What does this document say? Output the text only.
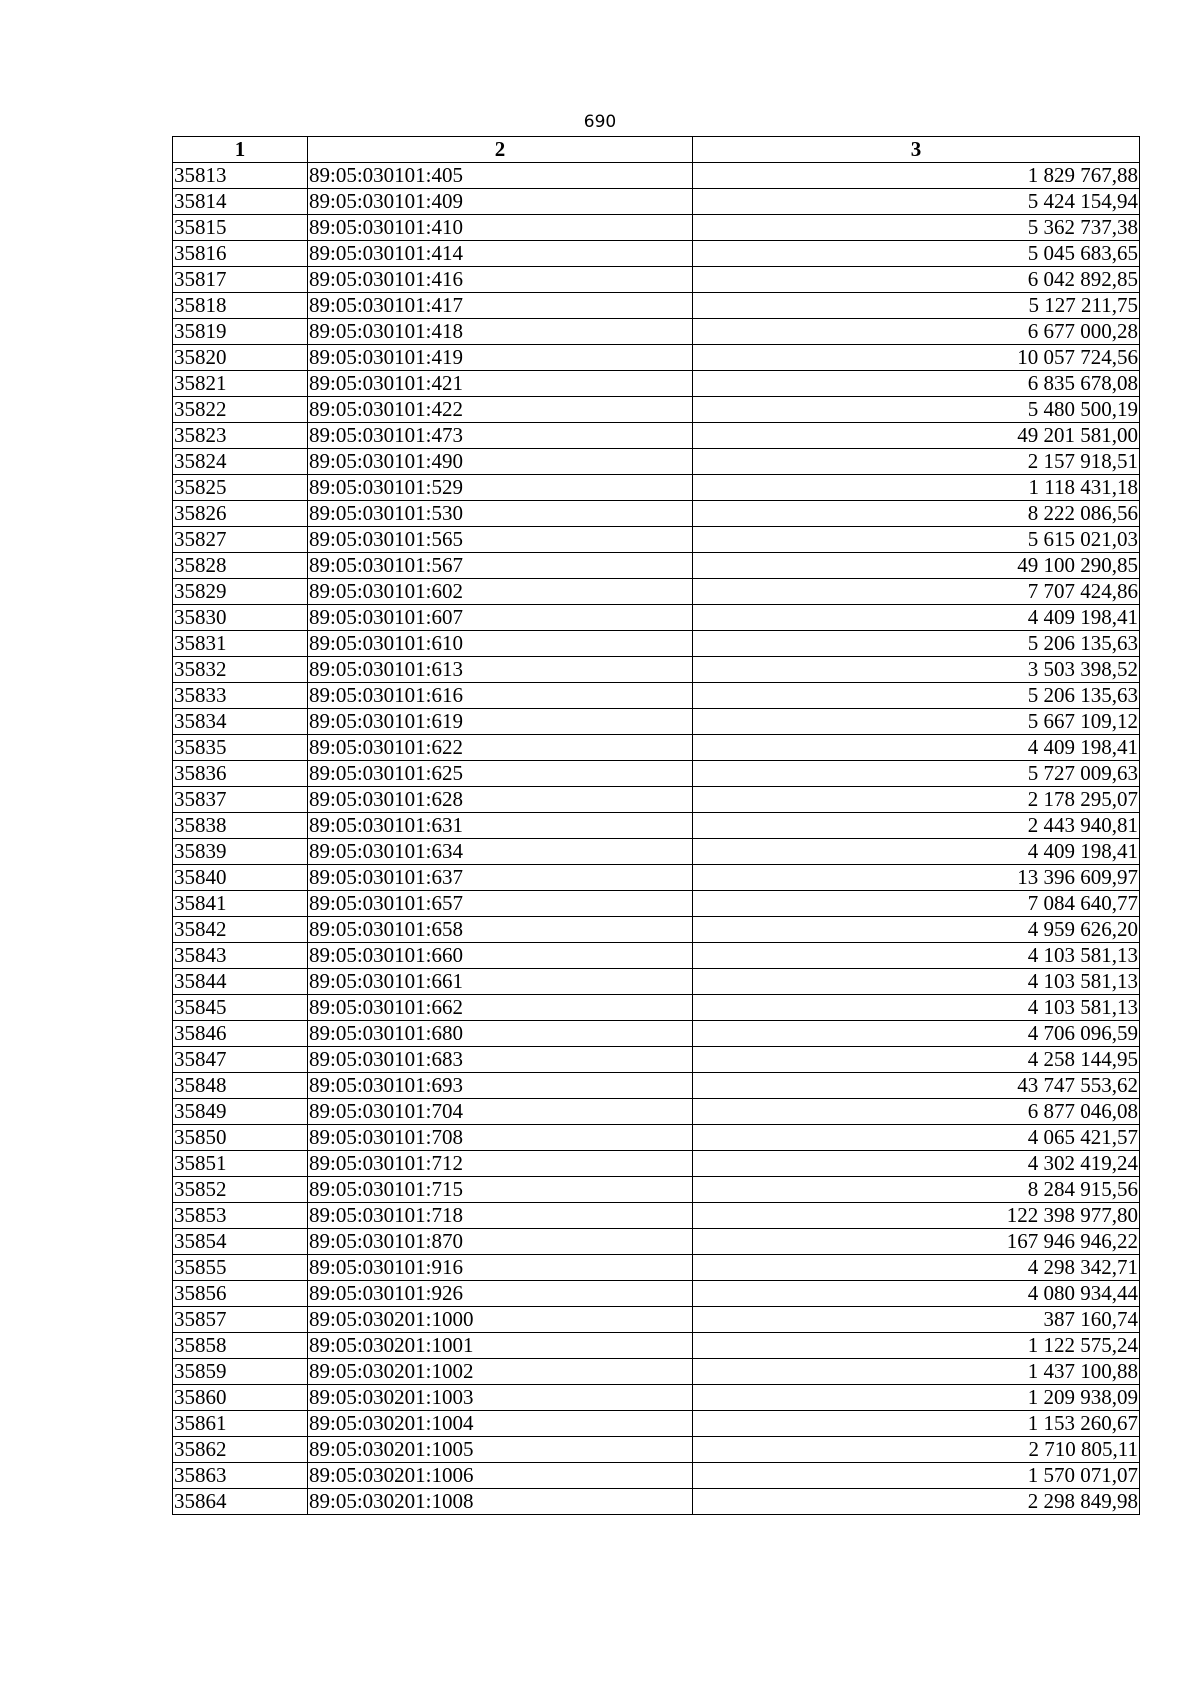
690
1	2	3
35813	89:05:030101:405	1 829 767,88
35814	89:05:030101:409	5 424 154,94
35815	89:05:030101:410	5 362 737,38
35816	89:05:030101:414	5 045 683,65
35817	89:05:030101:416	6 042 892,85
35818	89:05:030101:417	5 127 211,75
35819	89:05:030101:418	6 677 000,28
35820	89:05:030101:419	10 057 724,56
35821	89:05:030101:421	6 835 678,08
35822	89:05:030101:422	5 480 500,19
35823	89:05:030101:473	49 201 581,00
35824	89:05:030101:490	2 157 918,51
35825	89:05:030101:529	1 118 431,18
35826	89:05:030101:530	8 222 086,56
35827	89:05:030101:565	5 615 021,03
35828	89:05:030101:567	49 100 290,85
35829	89:05:030101:602	7 707 424,86
35830	89:05:030101:607	4 409 198,41
35831	89:05:030101:610	5 206 135,63
35832	89:05:030101:613	3 503 398,52
35833	89:05:030101:616	5 206 135,63
35834	89:05:030101:619	5 667 109,12
35835	89:05:030101:622	4 409 198,41
35836	89:05:030101:625	5 727 009,63
35837	89:05:030101:628	2 178 295,07
35838	89:05:030101:631	2 443 940,81
35839	89:05:030101:634	4 409 198,41
35840	89:05:030101:637	13 396 609,97
35841	89:05:030101:657	7 084 640,77
35842	89:05:030101:658	4 959 626,20
35843	89:05:030101:660	4 103 581,13
35844	89:05:030101:661	4 103 581,13
35845	89:05:030101:662	4 103 581,13
35846	89:05:030101:680	4 706 096,59
35847	89:05:030101:683	4 258 144,95
35848	89:05:030101:693	43 747 553,62
35849	89:05:030101:704	6 877 046,08
35850	89:05:030101:708	4 065 421,57
35851	89:05:030101:712	4 302 419,24
35852	89:05:030101:715	8 284 915,56
35853	89:05:030101:718	122 398 977,80
35854	89:05:030101:870	167 946 946,22
35855	89:05:030101:916	4 298 342,71
35856	89:05:030101:926	4 080 934,44
35857	89:05:030201:1000	387 160,74
35858	89:05:030201:1001	1 122 575,24
35859	89:05:030201:1002	1 437 100,88
35860	89:05:030201:1003	1 209 938,09
35861	89:05:030201:1004	1 153 260,67
35862	89:05:030201:1005	2 710 805,11
35863	89:05:030201:1006	1 570 071,07
35864	89:05:030201:1008	2 298 849,98
